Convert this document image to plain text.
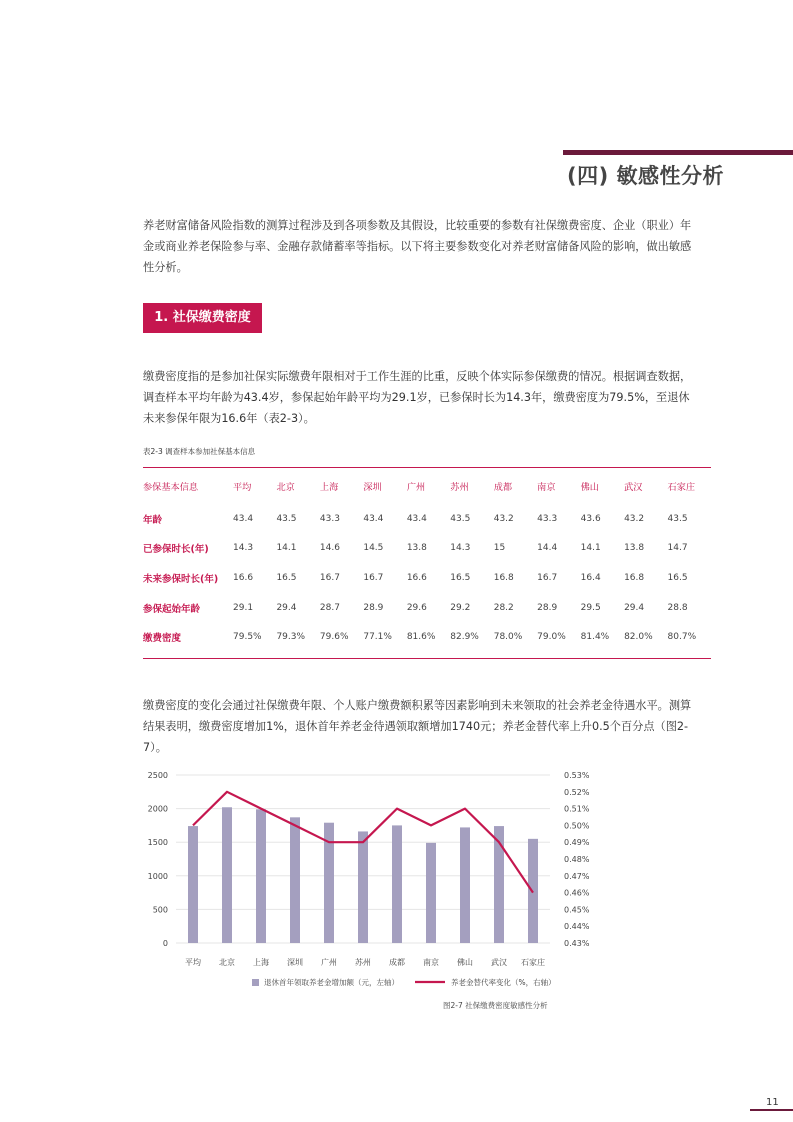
(四) 敏感性分析
养老财富储备风险指数的测算过程涉及到各项参数及其假设，比较重要的参数有社保缴费密度、企业（职业）年金或商业养老保险参与率、金融存款储蓄率等指标。以下将主要参数变化对养老财富储备风险的影响，做出敏感性分析。
1. 社保缴费密度
缴费密度指的是参加社保实际缴费年限相对于工作生涯的比重，反映个体实际参保缴费的情况。根据调查数据，调查样本平均年龄为43.4岁，参保起始年龄平均为29.1岁，已参保时长为14.3年，缴费密度为79.5%，至退休未来参保年限为16.6年（表2-3）。
表2-3 调查样本参加社保基本信息
参保基本信息	平均	北京	上海	深圳	广州	苏州	成都	南京	佛山	武汉	石家庄
年龄	43.4	43.5	43.3	43.4	43.4	43.5	43.2	43.3	43.6	43.2	43.5
已参保时长(年)	14.3	14.1	14.6	14.5	13.8	14.3	15	14.4	14.1	13.8	14.7
未来参保时长(年)	16.6	16.5	16.7	16.7	16.6	16.5	16.8	16.7	16.4	16.8	16.5
参保起始年龄	29.1	29.4	28.7	28.9	29.6	29.2	28.2	28.9	29.5	29.4	28.8
缴费密度	79.5%	79.3%	79.6%	77.1%	81.6%	82.9%	78.0%	79.0%	81.4%	82.0%	80.7%
缴费密度的变化会通过社保缴费年限、个人账户缴费额积累等因素影响到未来领取的社会养老金待遇水平。测算结果表明，缴费密度增加1%，退休首年养老金待遇领取额增加1740元；养老金替代率上升0.5个百分点（图2-7）。
0
500
1000
1500
2000
2500
0.43%
0.44%
0.45%
0.46%
0.47%
0.48%
0.49%
0.50%
0.51%
0.52%
0.53%
平均 北京 上海 深圳 广州 苏州 成都 南京 佛山 武汉 石家庄
退休首年领取养老金增加额（元，左轴）	养老金替代率变化（%，右轴）
图2-7 社保缴费密度敏感性分析
11
